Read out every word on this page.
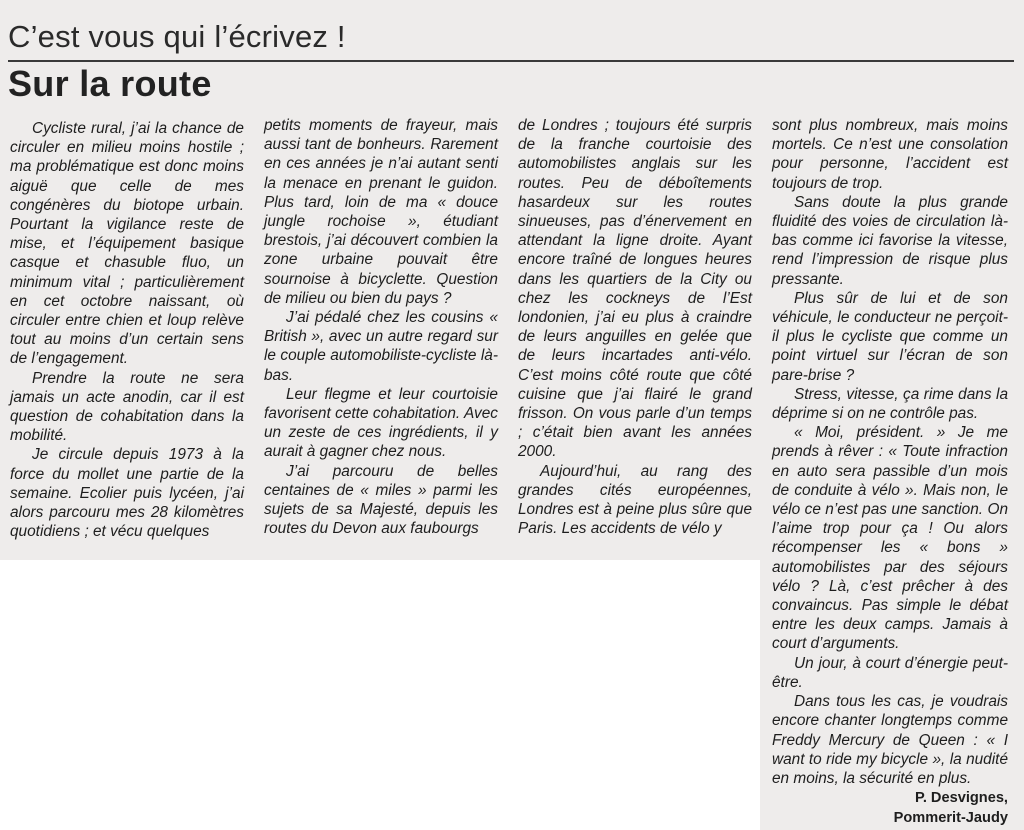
C’est vous qui l’écrivez !
Sur la route

Cycliste rural, j’ai la chance de circuler en milieu moins hostile ; ma problématique est donc moins aiguë que celle de mes congénères du biotope urbain. Pourtant la vigilance reste de mise, et l’équipement basique casque et chasuble fluo, un minimum vital ; particulièrement en cet octobre naissant, où circuler entre chien et loup relève tout au moins d’un certain sens de l’engagement.

Prendre la route ne sera jamais un acte anodin, car il est question de cohabitation dans la mobilité.

Je circule depuis 1973 à la force du mollet une partie de la semaine. Ecolier puis lycéen, j’ai alors parcouru mes 28 kilomètres quotidiens ; et vécu quelques

petits moments de frayeur, mais aussi tant de bonheurs. Rarement en ces années je n’ai autant senti la menace en prenant le guidon. Plus tard, loin de ma « douce jungle rochoise », étudiant brestois, j’ai découvert combien la zone urbaine pouvait être sournoise à bicyclette. Question de milieu ou bien du pays ?

J’ai pédalé chez les cousins « British », avec un autre regard sur le couple automobiliste-cycliste là-bas.

Leur flegme et leur courtoisie favorisent cette cohabitation. Avec un zeste de ces ingrédients, il y aurait à gagner chez nous.

J’ai parcouru de belles centaines de « miles » parmi les sujets de sa Majesté, depuis les routes du Devon aux faubourgs

de Londres ; toujours été surpris de la franche courtoisie des automobilistes anglais sur les routes. Peu de déboîtements hasardeux sur les routes sinueuses, pas d’énervement en attendant la ligne droite. Ayant encore traîné de longues heures dans les quartiers de la City ou chez les cockneys de l’Est londonien, j’ai eu plus à craindre de leurs anguilles en gelée que de leurs incartades anti-vélo. C’est moins côté route que côté cuisine que j’ai flairé le grand frisson. On vous parle d’un temps ; c’était bien avant les années 2000.

Aujourd’hui, au rang des grandes cités européennes, Londres est à peine plus sûre que Paris. Les accidents de vélo y

sont plus nombreux, mais moins mortels. Ce n’est une consolation pour personne, l’accident est toujours de trop.

Sans doute la plus grande fluidité des voies de circulation là-bas comme ici favorise la vitesse, rend l’impression de risque plus pressante.

Plus sûr de lui et de son véhicule, le conducteur ne perçoit-il plus le cycliste que comme un point virtuel sur l’écran de son pare-brise ?

Stress, vitesse, ça rime dans la déprime si on ne contrôle pas.

« Moi, président. » Je me prends à rêver : « Toute infraction en auto sera passible d’un mois de conduite à vélo ». Mais non, le vélo ce n’est pas une sanction. On l’aime trop pour ça ! Ou alors récompenser les « bons » automobilistes par des séjours vélo ? Là, c’est prêcher à des convaincus. Pas simple le débat entre les deux camps. Jamais à court d’arguments.

Un jour, à court d’énergie peut-être.

Dans tous les cas, je voudrais encore chanter longtemps comme Freddy Mercury de Queen : « I want to ride my bicycle », la nudité en moins, la sécurité en plus.

P. Desvignes,
Pommerit-Jaudy
